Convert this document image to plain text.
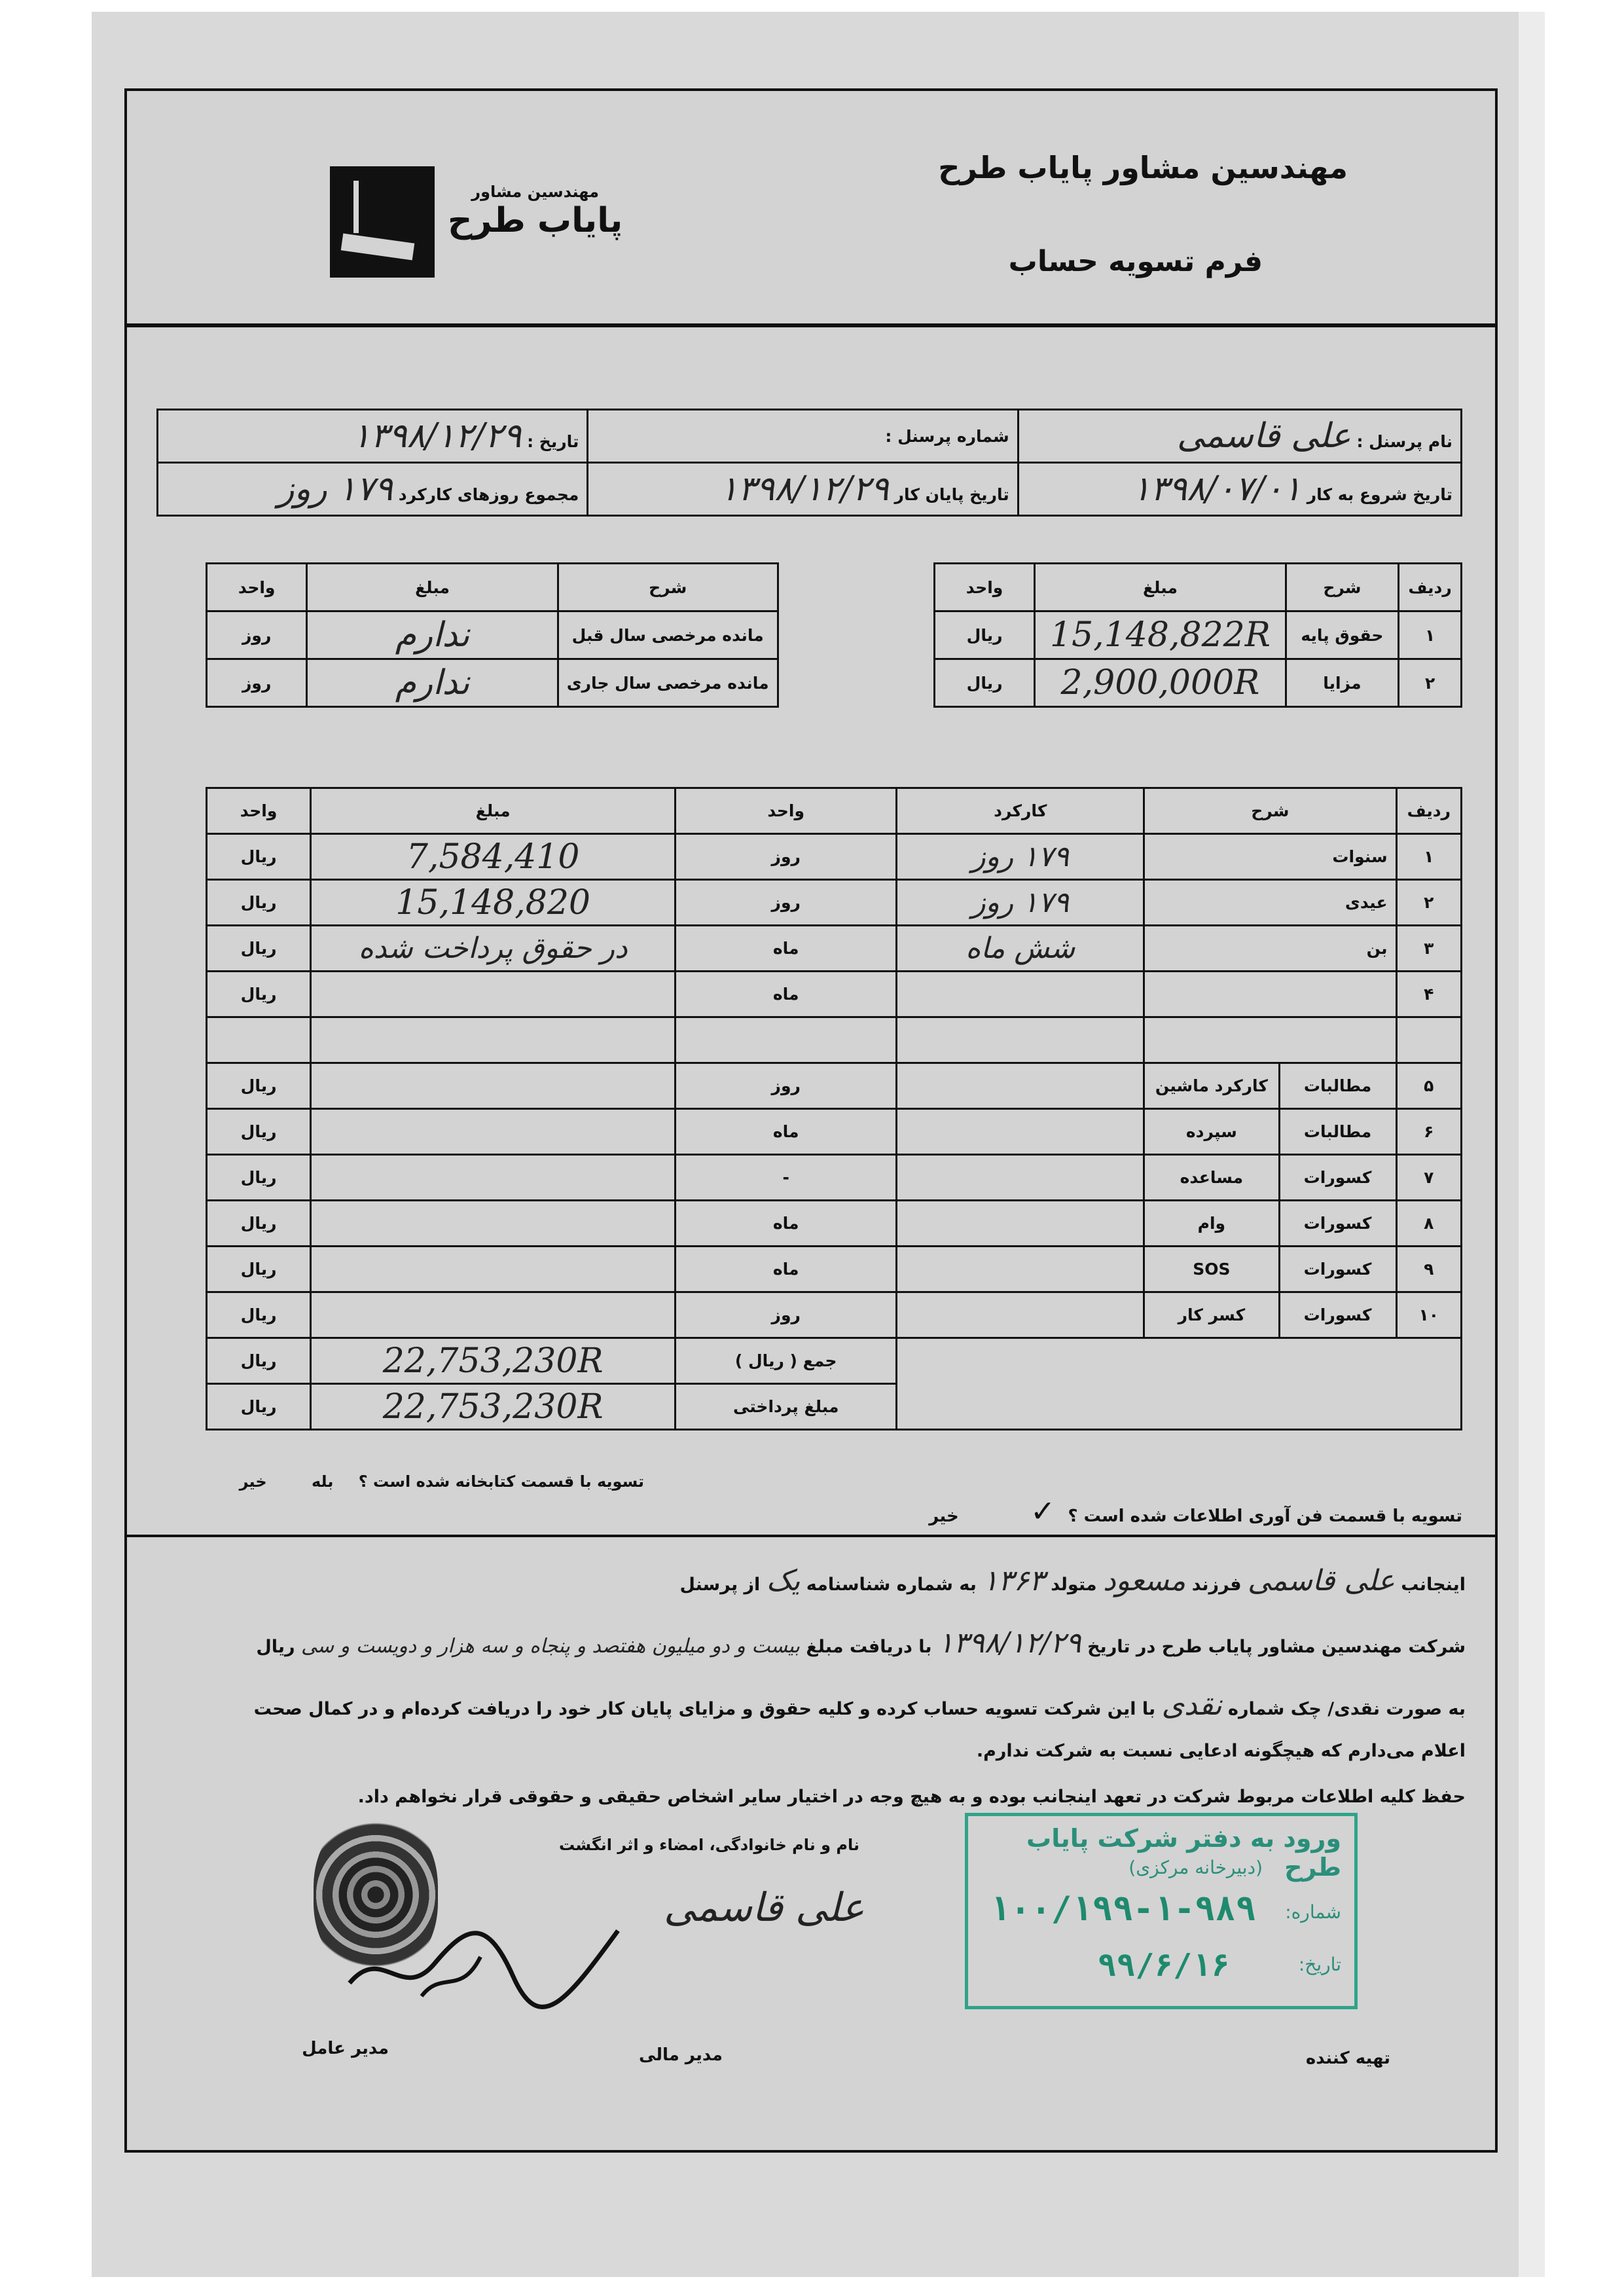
مهندسین مشاور پایاب طرح
فرم تسویه حساب
مهندسین مشاور
پایاب طرح
نام پرسنل : علی قاسمی	شماره پرسنل :	تاریخ : ۱۳۹۸/۱۲/۲۹
تاریخ شروع به کار ۱۳۹۸/۰۷/۰۱	تاریخ پایان کار ۱۳۹۸/۱۲/۲۹	مجموع روزهای کارکرد ۱۷۹ روز
ردیف	شرح	مبلغ	واحد		شرح	مبلغ	واحد
۱	حقوق پایه	15,148,822R	ریال		مانده مرخصی سال قبل	ندارم	روز
۲	مزایا	2,900,000R	ریال		مانده مرخصی سال جاری	ندارم	روز
ردیف	شرح		کارکرد	واحد	مبلغ	واحد
۱	سنوات		۱۷۹ روز	روز	7,584,410	ریال
۲	عیدی		۱۷۹ روز	روز	15,148,820	ریال
۳	بن		شش ماه	ماه	در حقوق پرداخت شده	ریال
۴				ماه		ریال

۵	مطالبات	کارکرد ماشین		روز		ریال
۶	مطالبات	سپرده		ماه		ریال
۷	کسورات	مساعده		-		ریال
۸	کسورات	وام		ماه		ریال
۹	کسورات	SOS		ماه		ریال
۱۰	کسورات	کسر کار		روز		ریال
				جمع ( ریال )	22,753,230R	ریال
				مبلغ پرداختی	22,753,230R	ریال
تسویه با قسمت کتابخانه شده است ؟ بله خیر
تسویه با قسمت فن آوری اطلاعات شده است ؟ ✓ خیر
اینجانب علی قاسمی فرزند مسعود متولد ۱۳۶۳ به شماره شناسنامه یک از پرسنل
شرکت مهندسین مشاور پایاب طرح در تاریخ ۱۳۹۸/۱۲/۲۹ با دریافت مبلغ بیست و دو میلیون هفتصد و پنجاه و سه هزار و دویست و سی ریال
به صورت نقدی/ چک شماره نقدی با این شرکت تسویه حساب کرده و کلیه حقوق و مزایای پایان کار خود را دریافت کرده‌ام و در کمال صحت
اعلام می‌دارم که هیچگونه ادعایی نسبت به شرکت ندارم.
حفظ کلیه اطلاعات مربوط شرکت در تعهد اینجانب بوده و به هیچ وجه در اختیار سایر اشخاص حقیقی و حقوقی قرار نخواهم داد.
ورود به دفتر شرکت پایاب طرح
(دبیرخانه مرکزی)
شماره:
۱۰۰/۱۹۹-۱-۹۸۹
تاریخ:
۹۹/۶/۱۶
نام و نام خانوادگی، امضاء و اثر انگشت
علی قاسمی
تهیه کننده
مدیر مالی
مدیر عامل
